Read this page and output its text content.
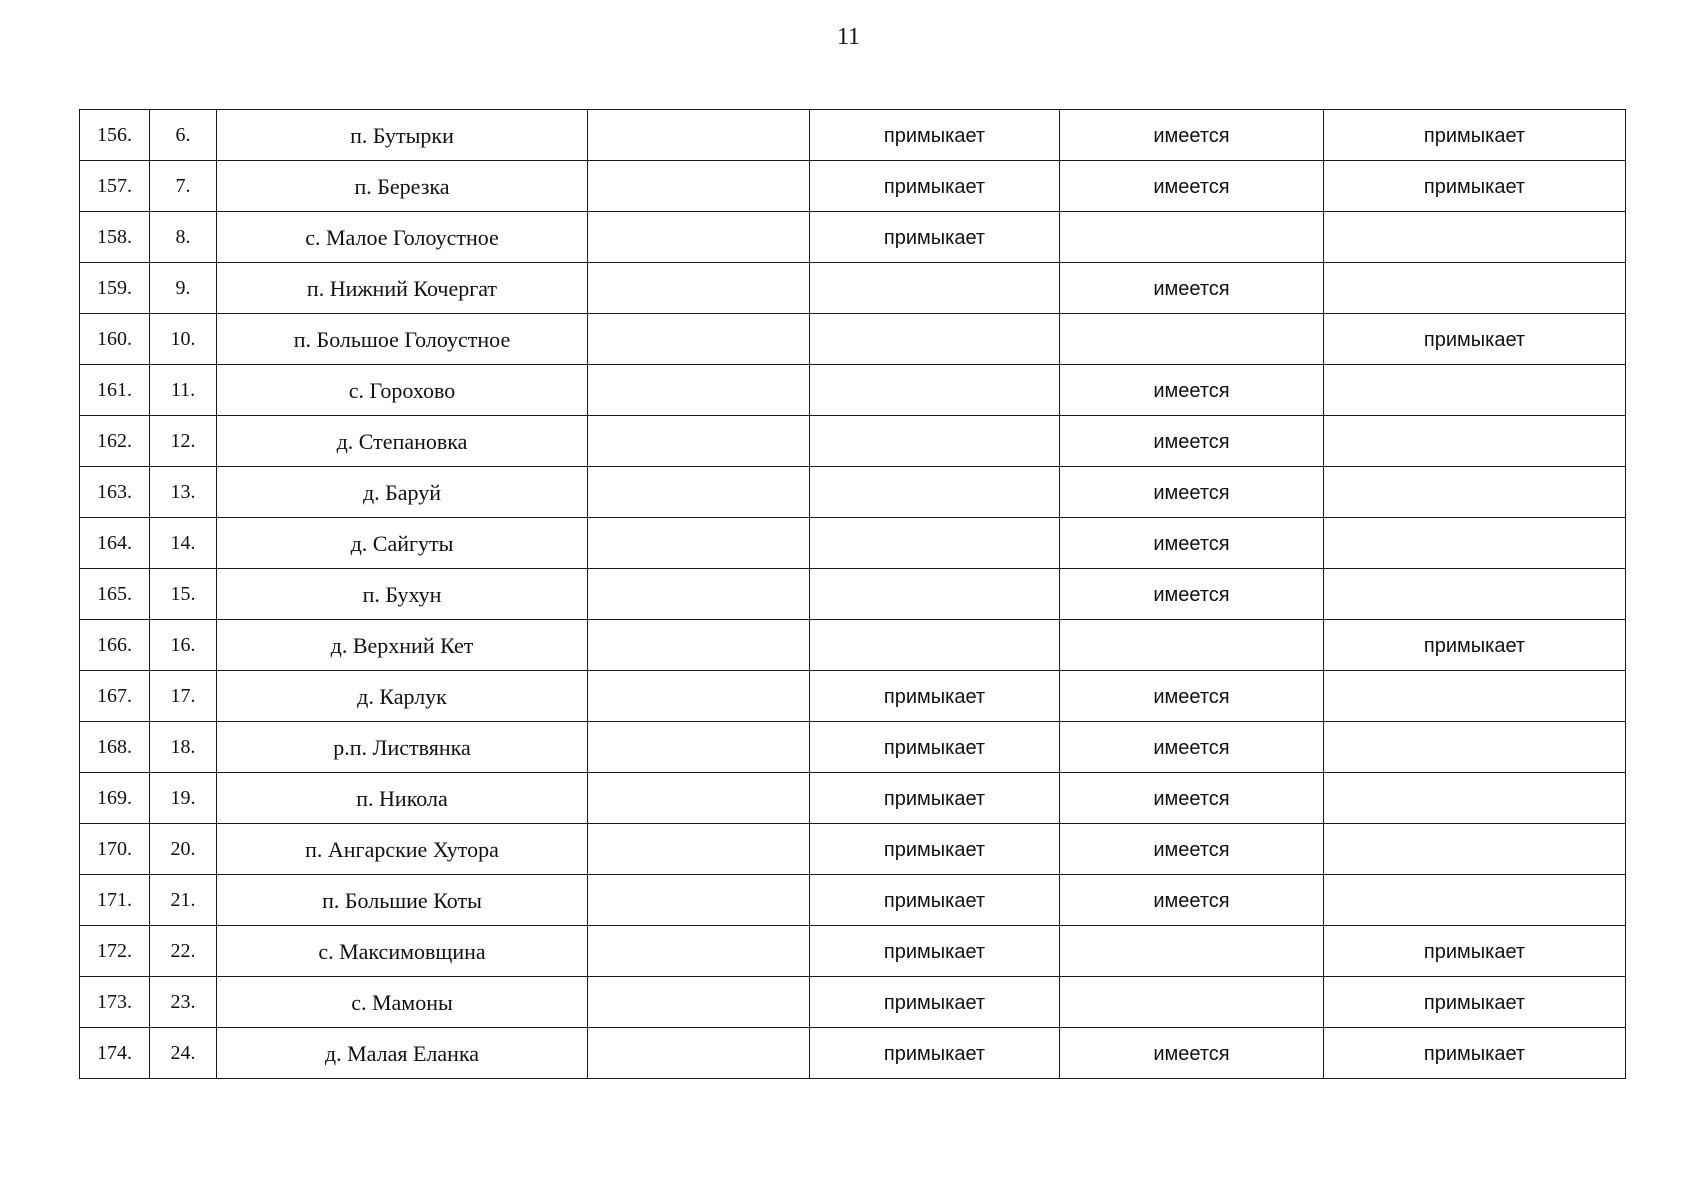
11
156.	6.	п. Бутырки		примыкает	имеется	примыкает
157.	7.	п. Березка		примыкает	имеется	примыкает
158.	8.	с. Малое Голоустное		примыкает		
159.	9.	п. Нижний Кочергат			имеется	
160.	10.	п. Большое Голоустное				примыкает
161.	11.	с. Горохово			имеется	
162.	12.	д. Степановка			имеется	
163.	13.	д. Баруй			имеется	
164.	14.	д. Сайгуты			имеется	
165.	15.	п. Бухун			имеется	
166.	16.	д. Верхний Кет				примыкает
167.	17.	д. Карлук		примыкает	имеется	
168.	18.	р.п. Листвянка		примыкает	имеется	
169.	19.	п. Никола		примыкает	имеется	
170.	20.	п. Ангарские Хутора		примыкает	имеется	
171.	21.	п. Большие Коты		примыкает	имеется	
172.	22.	с. Максимовщина		примыкает		примыкает
173.	23.	с. Мамоны		примыкает		примыкает
174.	24.	д. Малая Еланка		примыкает	имеется	примыкает
